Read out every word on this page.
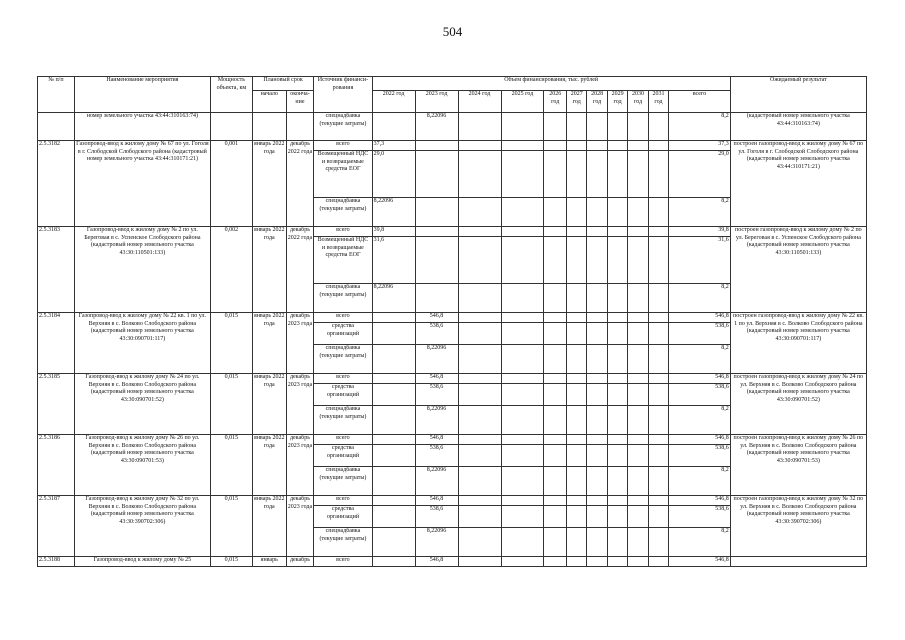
504
№ п/п	Наименование мероприятия	Мощность объекта, км	Плановый срок		Источник финанси- рования	Объем финансирования, тыс. рублей											Ожидаемый результат
			начало	оконча- ние		2022 год	2023 год	2024 год	2025 год	2026 год	2027 год	2028 год	2029 год	2030 год	2031 год	всего	

	номер земельного участка 43:44:310163:74)				спецнадбавка (текущие затраты)		8,22096									8,2	(кадастровый номер земельного участка 43:44:310163:74)
2.5.3182	Газопровод-ввод к жилому дому № 67 по ул. Гоголя в г. Слободской Слободского района (кадастровый номер земельного участка 43:44:310171:21)	0,001	январь 2022 года	декабрь 2022 года	всего	37,3										37,3	построен газопровод-ввод к жилому дому № 67 по ул. Гоголя в г. Слободской Слободского района (кадастровый номер земельного участка 43:44:310171:21)
					Возмещенный НДС и возвращаемые средства ЕОГ	29,0										29,0	
					спецнадбавка (текущие затраты)	8,22096										8,2	
2.5.3183	Газопровод-ввод к жилому дому № 2 по ул. Береговая в с. Успенское Слободского района (кадастровый номер земельного участка 43:30:110501:133)	0,002	январь 2022 года	декабрь 2022 года	всего	39,8										39,8	построен газопровод-ввод к жилому дому № 2 по ул. Береговая в с. Успенское Слободского района (кадастровый номер земельного участка 43:30:110501:133)
					Возмещенный НДС и возвращаемые средства ЕОГ	31,6										31,6	
					спецнадбавка (текущие затраты)	8,22096										8,2	
2.5.3184	Газопровод-ввод к жилому дому № 22 кв. 1 по ул. Верхняя в с. Волково Слободского района (кадастровый номер земельного участка 43:30:090701:117)	0,015	январь 2022 года	декабрь 2023 года	всего		546,8									546,8	построен газопровод-ввод к жилому дому № 22 кв. 1 по ул. Верхняя в с. Волково Слободского района (кадастровый номер земельного участка 43:30:090701:117)
					средства организаций		538,6									538,6	
					спецнадбавка (текущие затраты)		8,22096									8,2	
2.5.3185	Газопровод-ввод к жилому дому № 24 по ул. Верхняя в с. Волково Слободского района (кадастровый номер земельного участка 43:30:090701:52)	0,015	январь 2022 года	декабрь 2023 года	всего		546,8									546,8	построен газопровод-ввод к жилому дому № 24 по ул. Верхняя в с. Волково Слободского района (кадастровый номер земельного участка 43:30:090701:52)
					средства организаций		538,6									538,6	
					спецнадбавка (текущие затраты)		8,22096									8,2	
2.5.3186	Газопровод-ввод к жилому дому № 26 по ул. Верхняя в с. Волково Слободского района (кадастровый номер земельного участка 43:30:090701:53)	0,015	январь 2022 года	декабрь 2023 года	всего		546,8									546,8	построен газопровод-ввод к жилому дому № 26 по ул. Верхняя в с. Волково Слободского района (кадастровый номер земельного участка 43:30:090701:53)
					средства организаций		538,6									538,6	
					спецнадбавка (текущие затраты)		8,22096									8,2	
2.5.3187	Газопровод-ввод к жилому дому № 32 по ул. Верхняя в с. Волково Слободского района (кадастровый номер земельного участка 43:30:390702:306)	0,015	январь 2022 года	декабрь 2023 года	всего		546,8									546,8	построен газопровод-ввод к жилому дому № 32 по ул. Верхняя в с. Волково Слободского района (кадастровый номер земельного участка 43:30:390702:306)
					средства организаций		538,6									538,6	
					спецнадбавка (текущие затраты)		8,22096									8,2	
2.5.3188	Газопровод-ввод к жилому дому № 25	0,015	январь	декабрь	всего		546,8									546,8	
